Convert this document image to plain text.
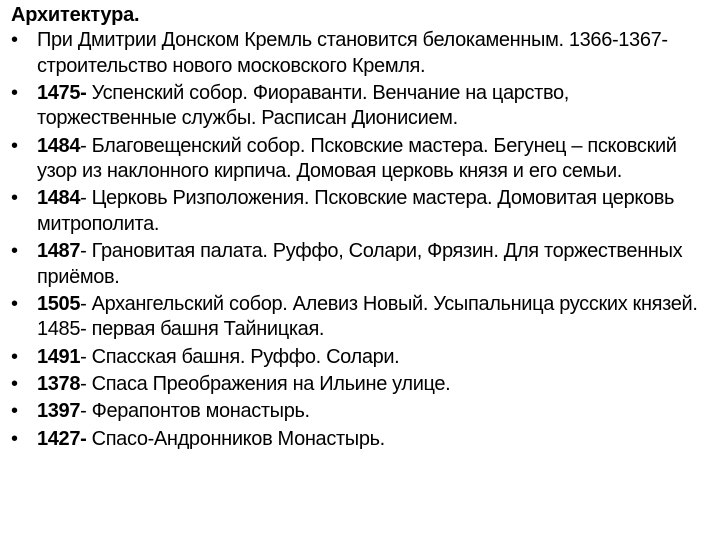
Архитектура.
• При Дмитрии Донском Кремль становится белокаменным. 1366-1367- строительство нового московского Кремля.
• 1475- Успенский собор. Фиораванти. Венчание на царство, торжественные службы. Расписан Дионисием.
• 1484- Благовещенский собор. Псковские мастера. Бегунец – псковский узор из наклонного кирпича. Домовая церковь князя и его семьи.
• 1484- Церковь Ризположения. Псковские мастера. Домовитая церковь митрополита.
• 1487- Грановитая палата. Руффо, Солари, Фрязин. Для торжественных приёмов.
• 1505- Архангельский собор. Алевиз Новый. Усыпальница русских князей. 1485- первая башня Тайницкая.
• 1491- Спасская башня. Руффо. Солари.
• 1378- Спаса Преображения на Ильине улице.
• 1397- Ферапонтов монастырь.
• 1427- Спасо-Андронников Монастырь.
